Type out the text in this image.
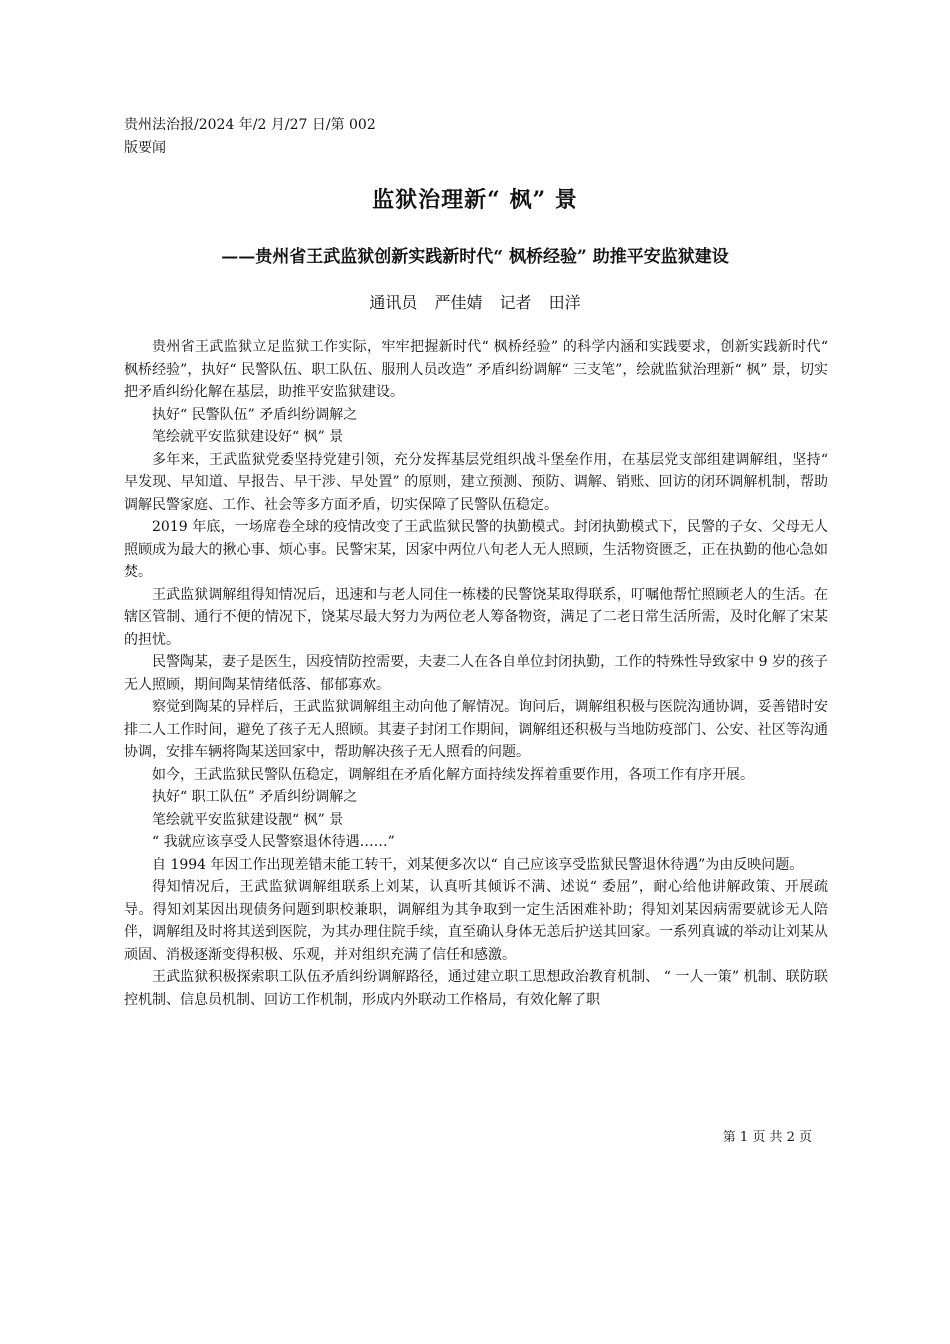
贵州法治报/2024 年/2 月/27 日/第 002
版要闻
监狱治理新“ 枫” 景
——贵州省王武监狱创新实践新时代“ 枫桥经验” 助推平安监狱建设
通讯员 严佳婧 记者 田洋

贵州省王武监狱立足监狱工作实际，牢牢把握新时代“ 枫桥经验” 的科学内涵和实践要求，创新实践新时代“ 枫桥经验”，执好“ 民警队伍、职工队伍、服刑人员改造” 矛盾纠纷调解“ 三支笔”，绘就监狱治理新“ 枫” 景，切实把矛盾纠纷化解在基层，助推平安监狱建设。

执好“ 民警队伍” 矛盾纠纷调解之

笔绘就平安监狱建设好“ 枫” 景

多年来，王武监狱党委坚持党建引领，充分发挥基层党组织战斗堡垒作用，在基层党支部组建调解组，坚持“ 早发现、早知道、早报告、早干涉、早处置” 的原则，建立预测、预防、调解、销账、回访的闭环调解机制，帮助调解民警家庭、工作、社会等多方面矛盾，切实保障了民警队伍稳定。

2019 年底，一场席卷全球的疫情改变了王武监狱民警的执勤模式。封闭执勤模式下，民警的子女、父母无人照顾成为最大的揪心事、烦心事。民警宋某，因家中两位八旬老人无人照顾，生活物资匮乏，正在执勤的他心急如焚。

王武监狱调解组得知情况后，迅速和与老人同住一栋楼的民警饶某取得联系，叮嘱他帮忙照顾老人的生活。在辖区管制、通行不便的情况下，饶某尽最大努力为两位老人筹备物资，满足了二老日常生活所需，及时化解了宋某的担忧。

民警陶某，妻子是医生，因疫情防控需要，夫妻二人在各自单位封闭执勤，工作的特殊性导致家中 9 岁的孩子无人照顾，期间陶某情绪低落、郁郁寡欢。

察觉到陶某的异样后，王武监狱调解组主动向他了解情况。询问后，调解组积极与医院沟通协调，妥善错时安排二人工作时间，避免了孩子无人照顾。其妻子封闭工作期间，调解组还积极与当地防疫部门、公安、社区等沟通协调，安排车辆将陶某送回家中，帮助解决孩子无人照看的问题。

如今，王武监狱民警队伍稳定，调解组在矛盾化解方面持续发挥着重要作用，各项工作有序开展。

执好“ 职工队伍” 矛盾纠纷调解之

笔绘就平安监狱建设靓“ 枫” 景

“ 我就应该享受人民警察退休待遇……”

自 1994 年因工作出现差错未能工转干，刘某便多次以“ 自己应该享受监狱民警退休待遇”为由反映问题。

得知情况后，王武监狱调解组联系上刘某，认真听其倾诉不满、述说“ 委屈”，耐心给他讲解政策、开展疏导。得知刘某因出现债务问题到职校兼职，调解组为其争取到一定生活困难补助；得知刘某因病需要就诊无人陪伴，调解组及时将其送到医院，为其办理住院手续，直至确认身体无恙后护送其回家。一系列真诚的举动让刘某从顽固、消极逐渐变得积极、乐观，并对组织充满了信任和感激。

王武监狱积极探索职工队伍矛盾纠纷调解路径，通过建立职工思想政治教育机制、 “ 一人一策” 机制、联防联控机制、信息员机制、回访工作机制，形成内外联动工作格局，有效化解了职

第 1 页 共 2 页
